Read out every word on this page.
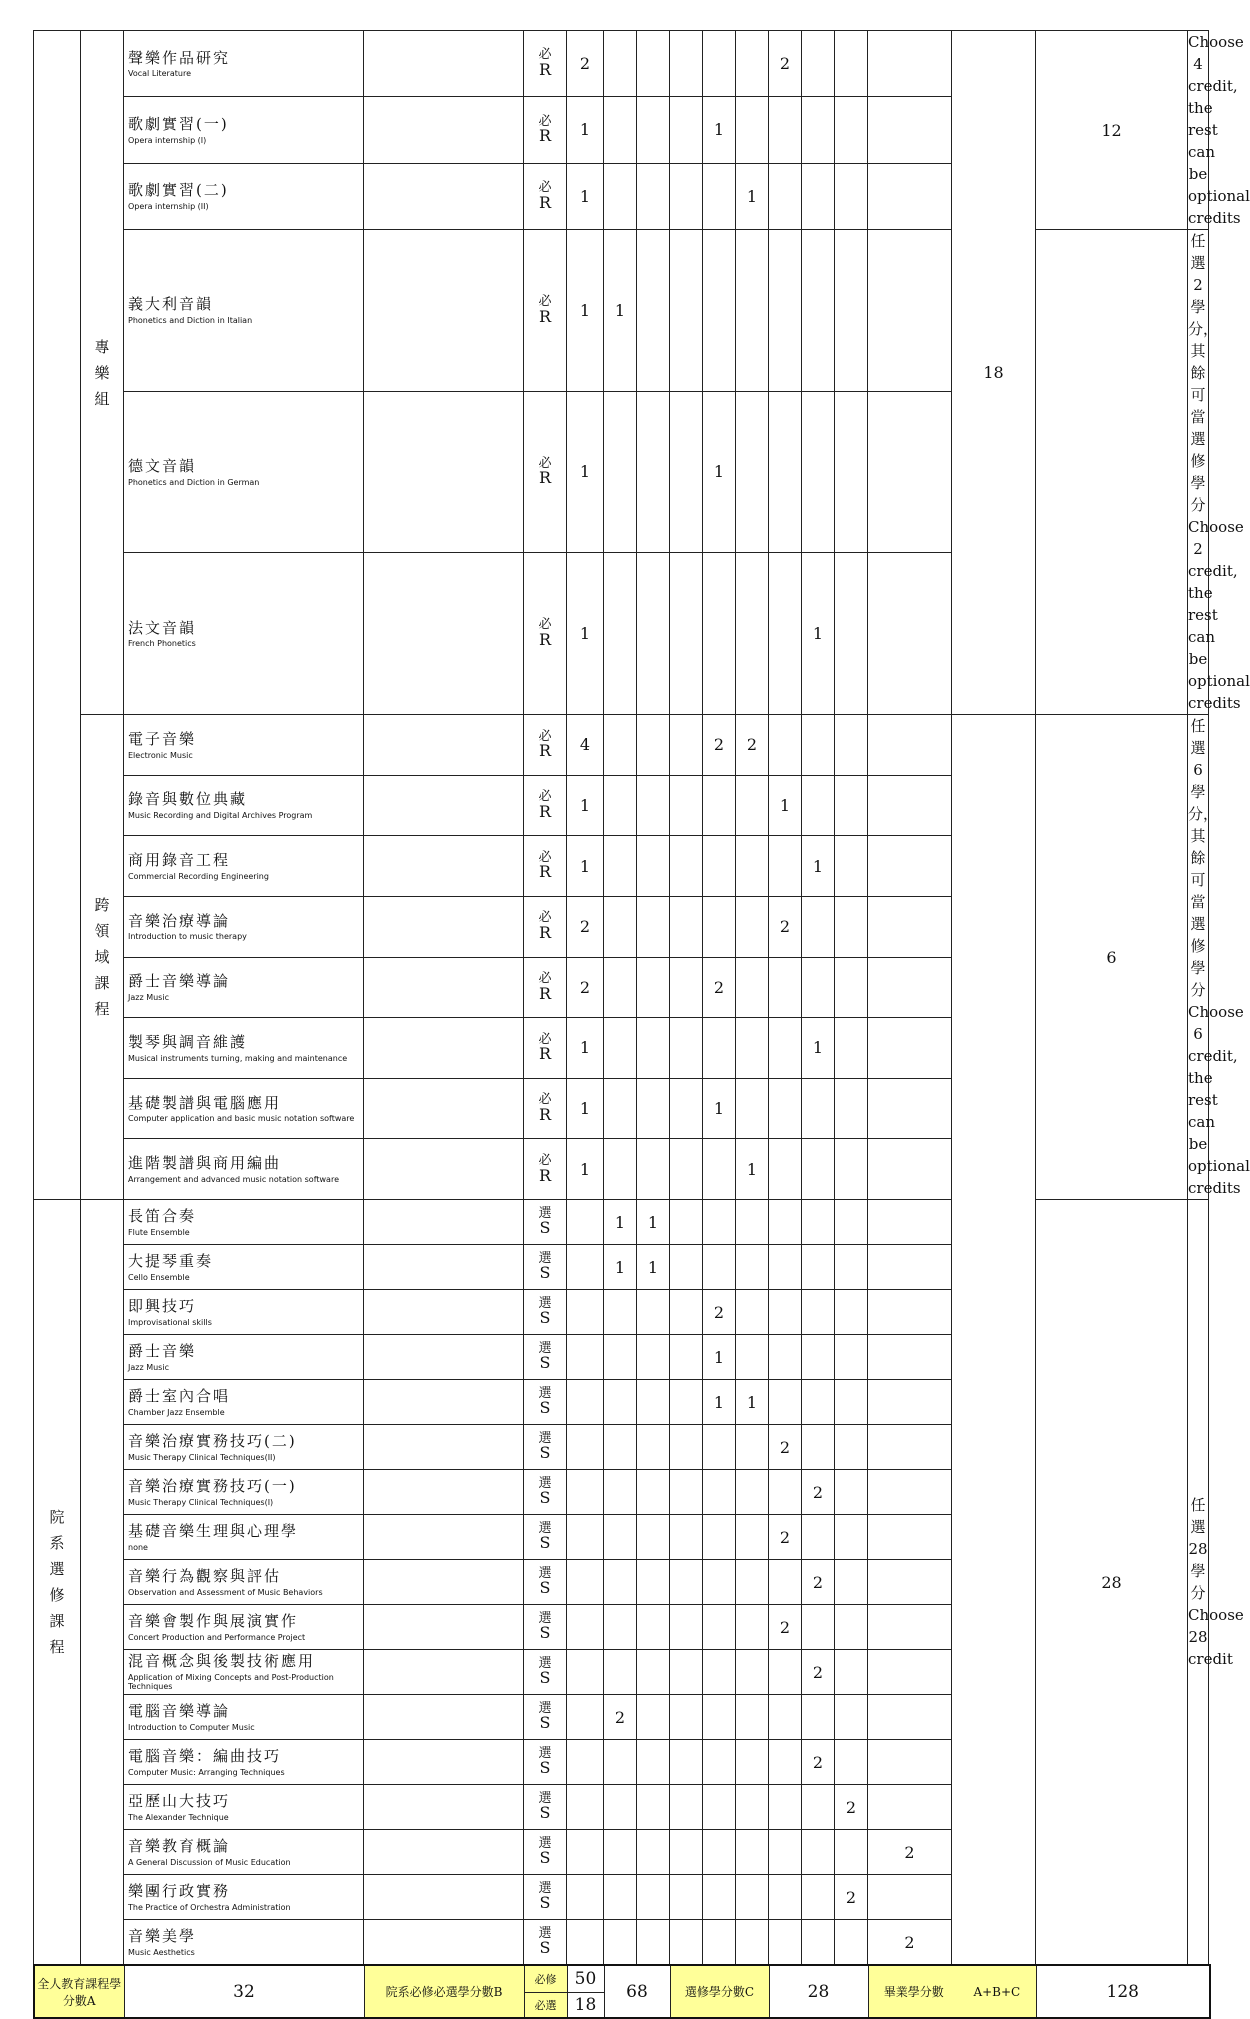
	專樂組	聲樂作品研究
Vocal Literature		必
R	2						2				18	12	Choose 4 credit,
the rest can be
optional credits

		歌劇實習(一)
Opera internship (I)		必
R	1				1								

		歌劇實習(二)
Opera internship (II)		必
R	1					1							

		義大利音韻
Phonetics and Diction in Italian		必
R	1	1											任選2學分，其餘可
當選修學分
Choose 2 credit,
the rest can be
optional credits

		德文音韻
Phonetics and Diction in German		必
R	1				1								

		法文音韻
French Phonetics		必
R	1							1					
	跨領域課程	電子音樂
Electronic Music		必
R	4				2	2						6	任選6學分，其餘可
當選修學分
Choose 6 credit,
the rest can be
optional credits

		錄音與數位典藏
Music Recording and Digital Archives Program		必
R	1						1						

		商用錄音工程
Commercial Recording Engineering		必
R	1							1					

		音樂治療導論
Introduction to music therapy		必
R	2						2						

		爵士音樂導論
Jazz Music		必
R	2				2								

		製琴與調音維護
Musical instruments turning, making and maintenance		必
R	1							1					

		基礎製譜與電腦應用
Computer application and basic music notation software		必
R	1				1								

		進階製譜與商用編曲
Arrangement and advanced music notation software		必
R	1					1							
院系選修課程		長笛合奏
Flute Ensemble		選
S		1	1									28	任選28學分
Choose 28 credit

		大提琴重奏
Cello Ensemble		選
S		1	1										

		即興技巧
Improvisational skills		選
S					2								

		爵士音樂
Jazz Music		選
S					1								

		爵士室內合唱
Chamber Jazz Ensemble		選
S					1	1							

		音樂治療實務技巧(二)
Music Therapy Clinical Techniques(II)		選
S							2						

		音樂治療實務技巧(一)
Music Therapy Clinical Techniques(I)		選
S								2					

		基礎音樂生理與心理學
none		選
S							2						

		音樂行為觀察與評估
Observation and Assessment of Music Behaviors		選
S								2					

		音樂會製作與展演實作
Concert Production and Performance Project		選
S							2						

		混音概念與後製技術應用
Application of Mixing Concepts and Post-Production Techniques		選
S								2					

		電腦音樂導論
Introduction to Computer Music		選
S		2											

		電腦音樂：編曲技巧
Computer Music: Arranging Techniques		選
S								2					

		亞歷山大技巧
The Alexander Technique		選
S									2				

		音樂教育概論
A General Discussion of Music Education		選
S										2			

		樂團行政實務
The Practice of Orchestra Administration		選
S									2				

		音樂美學
Music Aesthetics		選
S										2			
全人教育課程學分數A	32	院系必修必選學分數B	必修	50	68	選修學分數C	28	畢業學分數 A+B+C	128
			必選	18					
